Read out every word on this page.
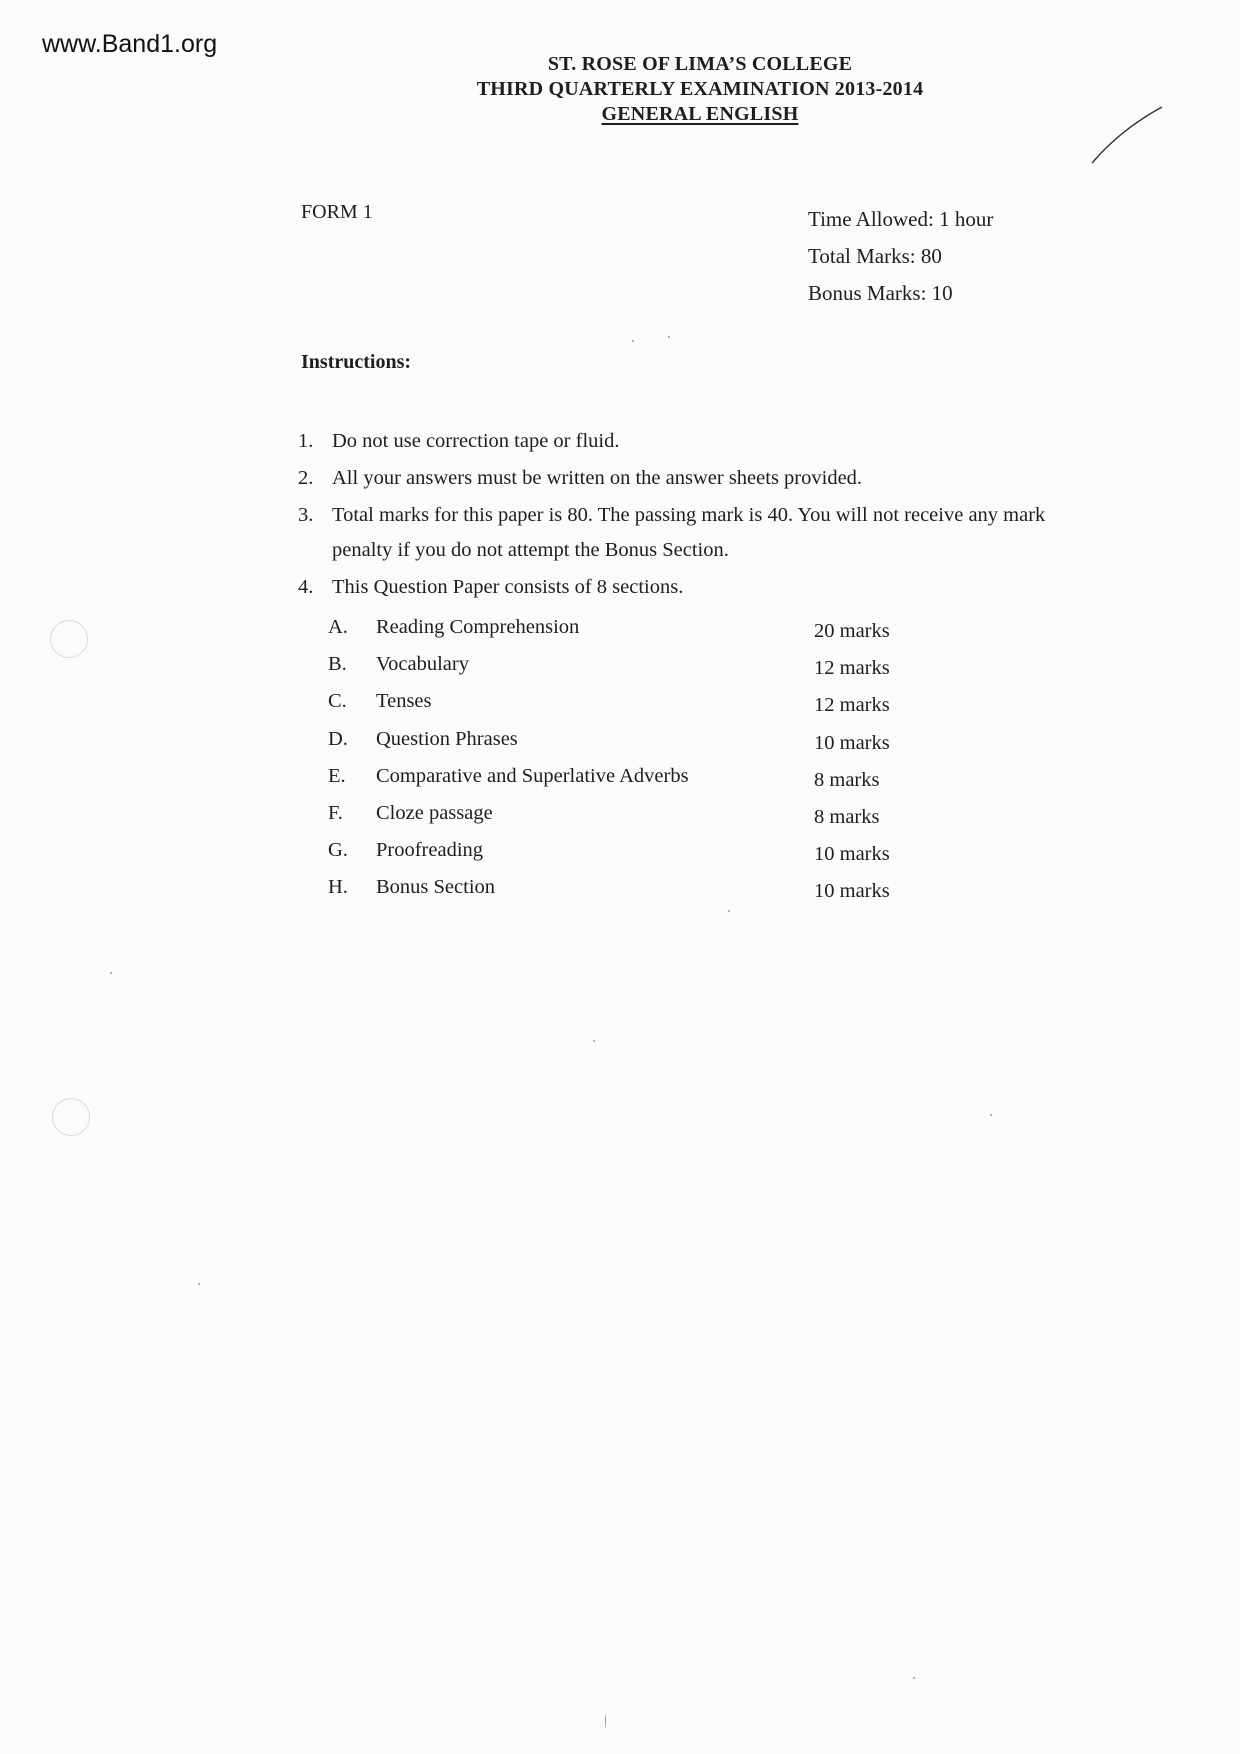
www.Band1.org
ST. ROSE OF LIMA’S COLLEGE
THIRD QUARTERLY EXAMINATION 2013-2014
GENERAL ENGLISH
FORM 1	Time Allowed: 1 hour
Total Marks: 80
Bonus Marks: 10
Instructions:
1. Do not use correction tape or fluid.
2. All your answers must be written on the answer sheets provided.
3. Total marks for this paper is 80. The passing mark is 40. You will not receive any mark penalty if you do not attempt the Bonus Section.
4. This Question Paper consists of 8 sections.
A. Reading Comprehension	20 marks
B. Vocabulary	12 marks
C. Tenses	12 marks
D. Question Phrases	10 marks
E. Comparative and Superlative Adverbs	8 marks
F. Cloze passage	8 marks
G. Proofreading	10 marks
H. Bonus Section	10 marks
